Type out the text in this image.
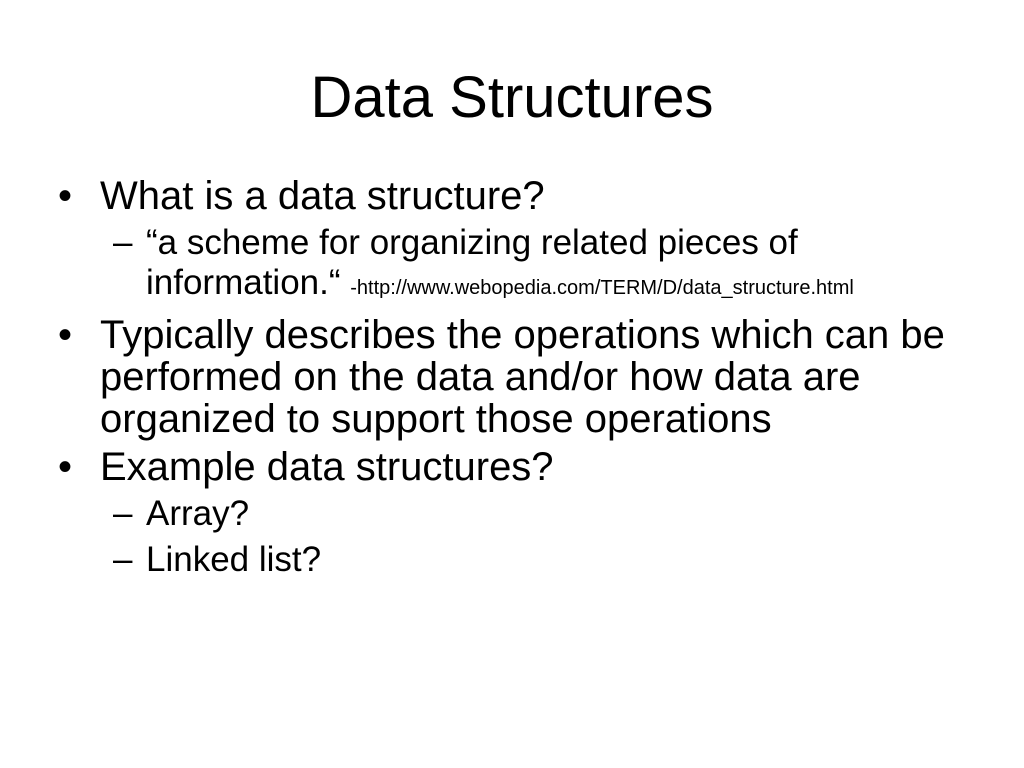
Data Structures
• What is a data structure?
– “a scheme for organizing related pieces of information.“ -http://www.webopedia.com/TERM/D/data_structure.html
• Typically describes the operations which can be performed on the data and/or how data are organized to support those operations
• Example data structures?
– Array?
– Linked list?
